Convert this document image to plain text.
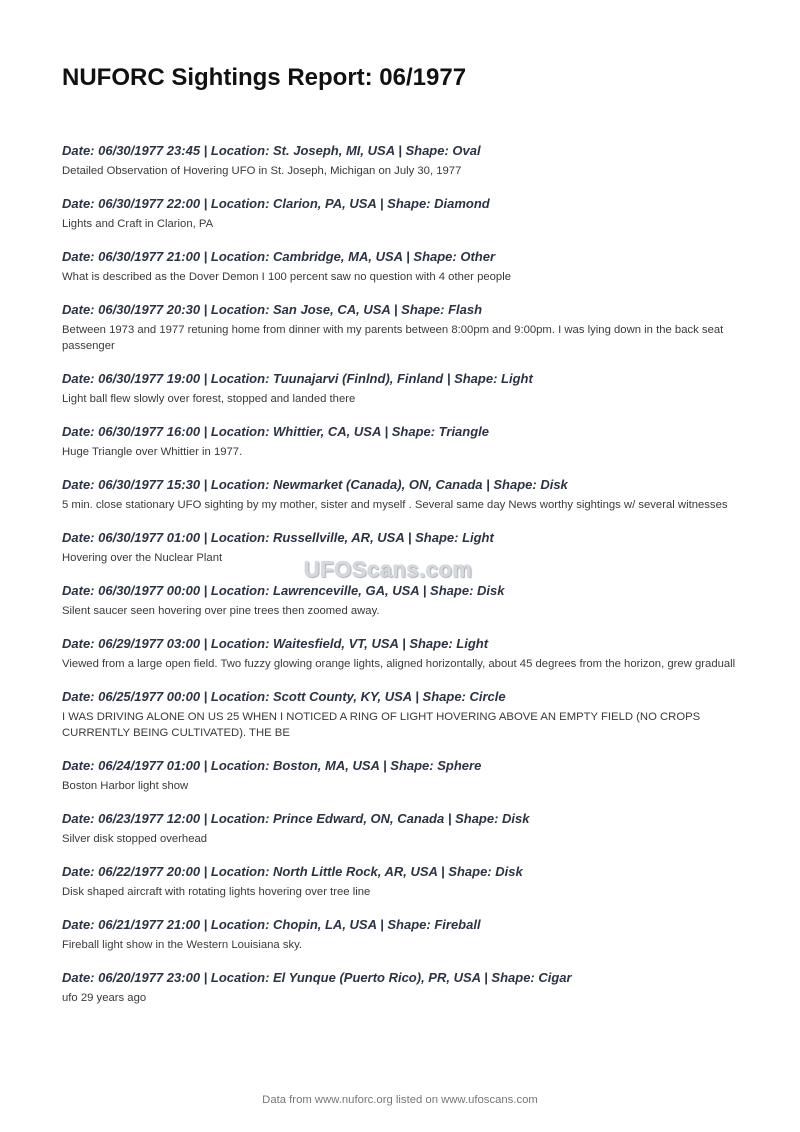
NUFORC Sightings Report: 06/1977

Date: 06/30/1977 23:45 | Location: St. Joseph, MI, USA | Shape: Oval

Detailed Observation of Hovering UFO in St. Joseph, Michigan on July 30, 1977

Date: 06/30/1977 22:00 | Location: Clarion, PA, USA | Shape: Diamond

Lights and Craft in Clarion, PA

Date: 06/30/1977 21:00 | Location: Cambridge, MA, USA | Shape: Other

What is described as the Dover Demon I 100 percent saw no question with 4 other people

Date: 06/30/1977 20:30 | Location: San Jose, CA, USA | Shape: Flash

Between 1973 and 1977 retuning home from dinner with my parents between 8:00pm and 9:00pm. I was lying down in the back seat passenger

Date: 06/30/1977 19:00 | Location: Tuunajarvi (Finlnd), Finland | Shape: Light

Light ball flew slowly over forest, stopped and landed there

Date: 06/30/1977 16:00 | Location: Whittier, CA, USA | Shape: Triangle

Huge Triangle over Whittier in 1977.

Date: 06/30/1977 15:30 | Location: Newmarket (Canada), ON, Canada | Shape: Disk

5 min. close stationary UFO sighting by my mother, sister and myself . Several same day News worthy sightings w/ several witnesses

Date: 06/30/1977 01:00 | Location: Russellville, AR, USA | Shape: Light

Hovering over the Nuclear Plant

Date: 06/30/1977 00:00 | Location: Lawrenceville, GA, USA | Shape: Disk

Silent saucer seen hovering over pine trees then zoomed away.

Date: 06/29/1977 03:00 | Location: Waitesfield, VT, USA | Shape: Light

Viewed from a large open field. Two fuzzy glowing orange lights, aligned horizontally, about 45 degrees from the horizon, grew graduall

Date: 06/25/1977 00:00 | Location: Scott County, KY, USA | Shape: Circle

I WAS DRIVING ALONE ON US 25 WHEN I NOTICED A RING OF LIGHT HOVERING ABOVE AN EMPTY FIELD (NO CROPS CURRENTLY BEING CULTIVATED). THE BE

Date: 06/24/1977 01:00 | Location: Boston, MA, USA | Shape: Sphere

Boston Harbor light show

Date: 06/23/1977 12:00 | Location: Prince Edward, ON, Canada | Shape: Disk

Silver disk stopped overhead

Date: 06/22/1977 20:00 | Location: North Little Rock, AR, USA | Shape: Disk

Disk shaped aircraft with rotating lights hovering over tree line

Date: 06/21/1977 21:00 | Location: Chopin, LA, USA | Shape: Fireball

Fireball light show in the Western Louisiana sky.

Date: 06/20/1977 23:00 | Location: El Yunque (Puerto Rico), PR, USA | Shape: Cigar

ufo 29 years ago

UFOScans.com
Data from www.nuforc.org listed on www.ufoscans.com
